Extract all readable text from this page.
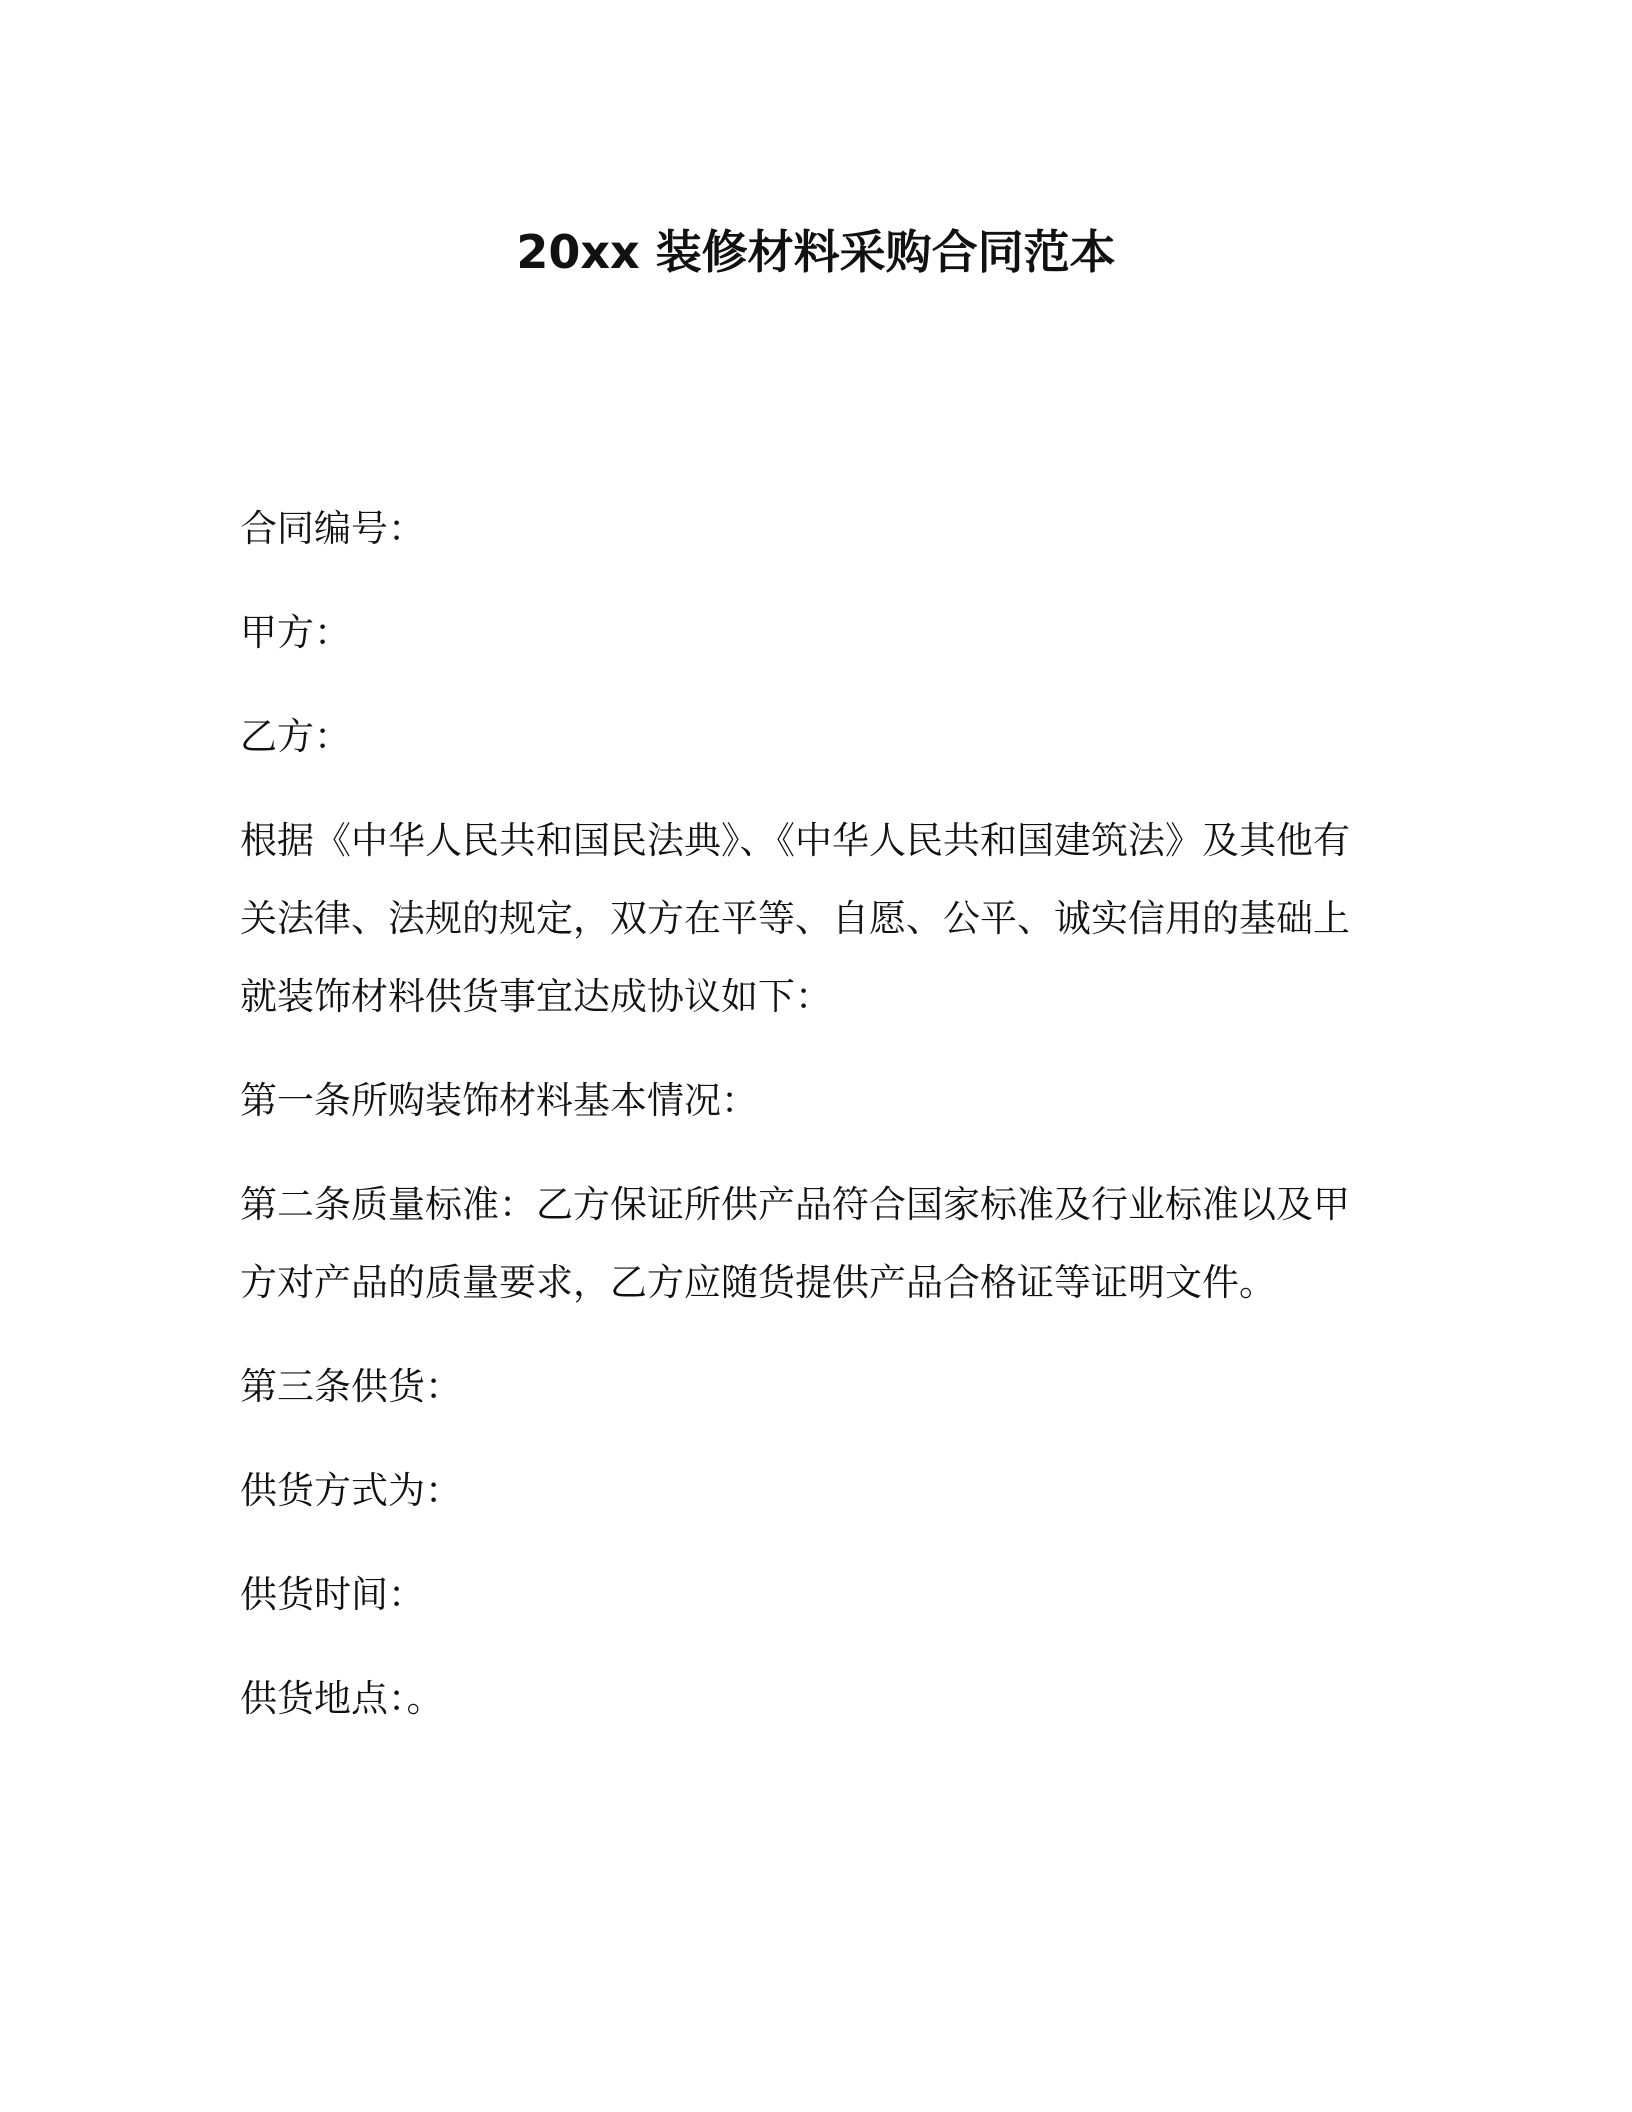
20xx 装修材料采购合同范本

合同编号：

甲方：

乙方：

根据《中华人民共和国民法典》、《中华人民共和国建筑法》及其他有关法律、法规的规定，双方在平等、自愿、公平、诚实信用的基础上就装饰材料供货事宜达成协议如下：

第一条所购装饰材料基本情况：

第二条质量标准：乙方保证所供产品符合国家标准及行业标准以及甲方对产品的质量要求，乙方应随货提供产品合格证等证明文件。

第三条供货：

供货方式为：

供货时间：

供货地点：。
